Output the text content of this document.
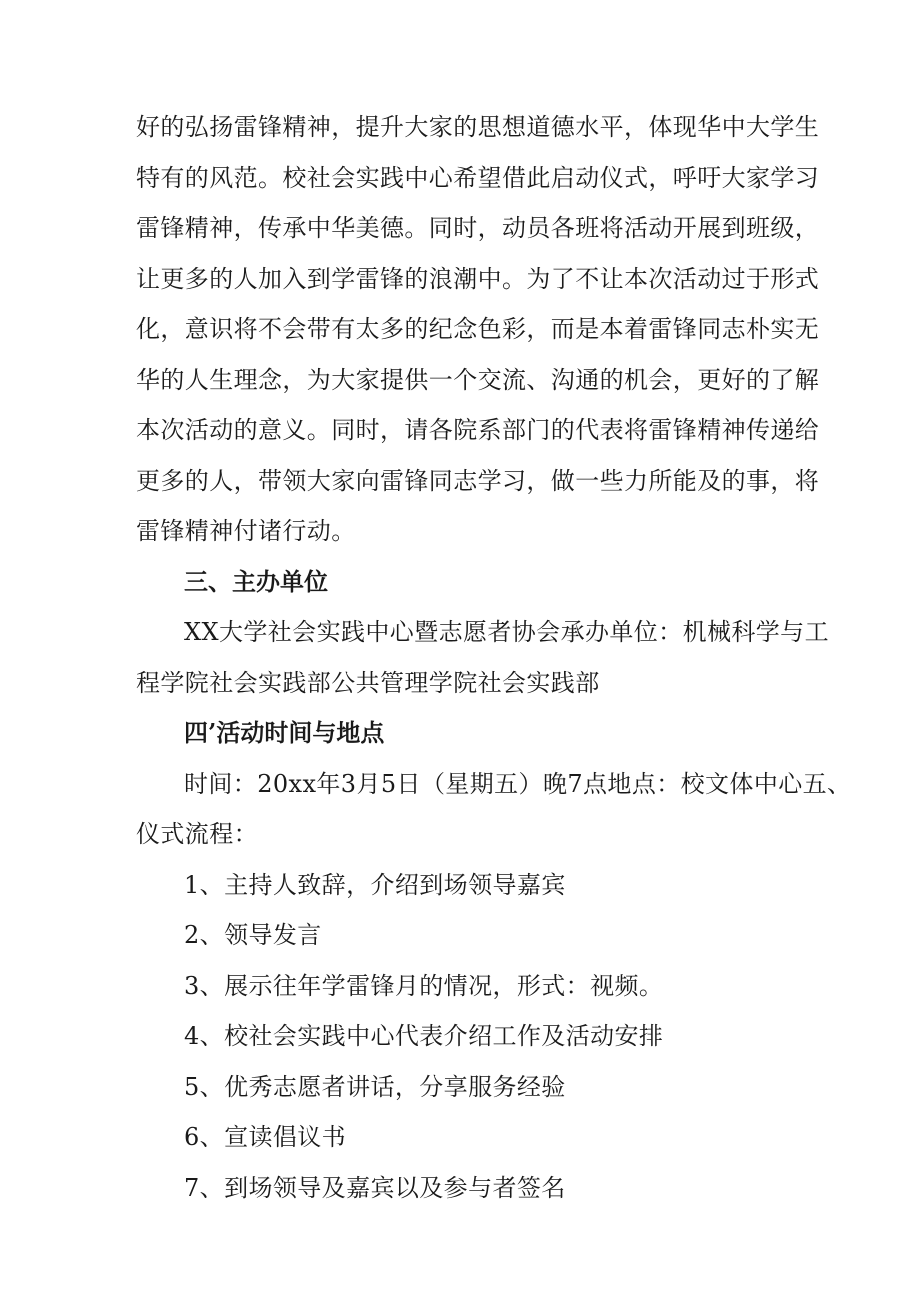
好的弘扬雷锋精神，提升大家的思想道德水平，体现华中大学生
特有的风范。校社会实践中心希望借此启动仪式，呼吁大家学习
雷锋精神，传承中华美德。同时，动员各班将活动开展到班级，
让更多的人加入到学雷锋的浪潮中。为了不让本次活动过于形式
化，意识将不会带有太多的纪念色彩，而是本着雷锋同志朴实无
华的人生理念，为大家提供一个交流、沟通的机会，更好的了解
本次活动的意义。同时，请各院系部门的代表将雷锋精神传递给
更多的人，带领大家向雷锋同志学习，做一些力所能及的事，将
雷锋精神付诸行动。

三、主办单位

XX大学社会实践中心暨志愿者协会承办单位：机械科学与工
程学院社会实践部公共管理学院社会实践部

四’活动时间与地点

时间：20xx年3月5日（星期五）晚7点地点：校文体中心五、
仪式流程：

1、主持人致辞，介绍到场领导嘉宾
2、领导发言
3、展示往年学雷锋月的情况，形式：视频。
4、校社会实践中心代表介绍工作及活动安排
5、优秀志愿者讲话，分享服务经验
6、宣读倡议书
7、到场领导及嘉宾以及参与者签名
